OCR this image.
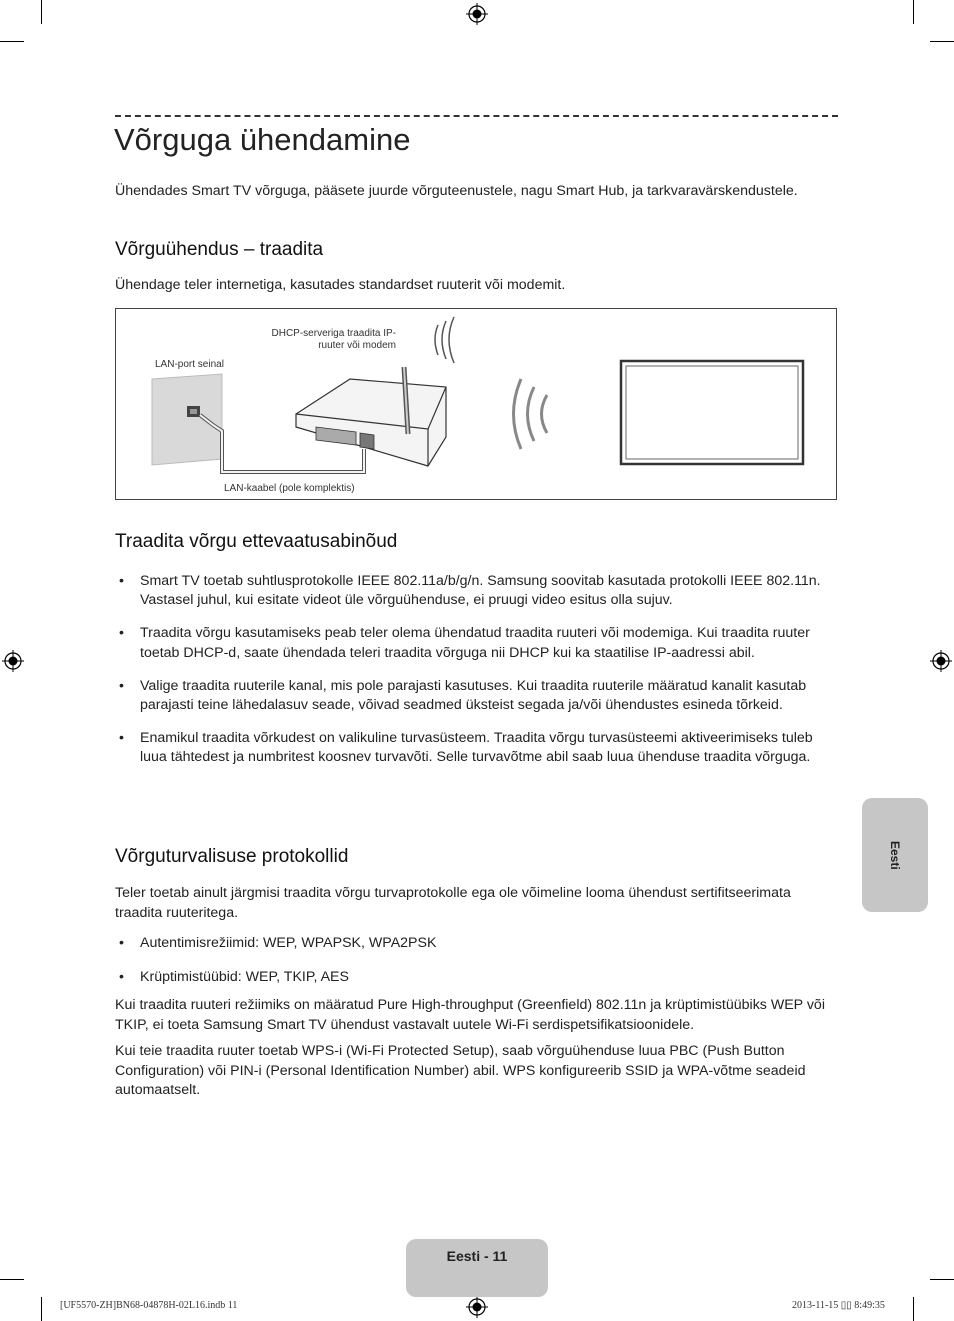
Võrguga ühendamine

Ühendades Smart TV võrguga, pääsete juurde võrguteenustele, nagu Smart Hub, ja tarkvaravärskendustele.

Võrguühendus – traadita

Ühendage teler internetiga, kasutades standardset ruuterit või modemit.

DHCP-serveriga traadita IP-
ruuter või modem
LAN-port seinal
LAN-kaabel (pole komplektis)
Traadita võrgu ettevaatusabinõud
• Smart TV toetab suhtlusprotokolle IEEE 802.11a/b/g/n. Samsung soovitab kasutada protokolli IEEE 802.11n. Vastasel juhul, kui esitate videot üle võrguühenduse, ei pruugi video esitus olla sujuv.
• Traadita võrgu kasutamiseks peab teler olema ühendatud traadita ruuteri või modemiga. Kui traadita ruuter toetab DHCP-d, saate ühendada teleri traadita võrguga nii DHCP kui ka staatilise IP-aadressi abil.
• Valige traadita ruuterile kanal, mis pole parajasti kasutuses. Kui traadita ruuterile määratud kanalit kasutab parajasti teine lähedalasuv seade, võivad seadmed üksteist segada ja/või ühendustes esineda tõrkeid.
• Enamikul traadita võrkudest on valikuline turvasüsteem. Traadita võrgu turvasüsteemi aktiveerimiseks tuleb luua tähtedest ja numbritest koosnev turvavõti. Selle turvavõtme abil saab luua ühenduse traadita võrguga.
Võrguturvalisuse protokollid

Teler toetab ainult järgmisi traadita võrgu turvaprotokolle ega ole võimeline looma ühendust sertifitseerimata traadita ruuteritega.

• Autentimisrežiimid: WEP, WPAPSK, WPA2PSK
• Krüptimistüübid: WEP, TKIP, AES

Kui traadita ruuteri režiimiks on määratud Pure High-throughput (Greenfield) 802.11n ja krüptimistüübiks WEP või TKIP, ei toeta Samsung Smart TV ühendust vastavalt uutele Wi-Fi serdispetsifikatsioonidele.

Kui teie traadita ruuter toetab WPS-i (Wi-Fi Protected Setup), saab võrguühenduse luua PBC (Push Button Configuration) või PIN-i (Personal Identification Number) abil. WPS konfigureerib SSID ja WPA-võtme seadeid automaatselt.

Eesti
Eesti - 11
[UF5570-ZH]BN68-04878H-02L16.indb 11	2013-11-15 ▯▯ 8:49:35
